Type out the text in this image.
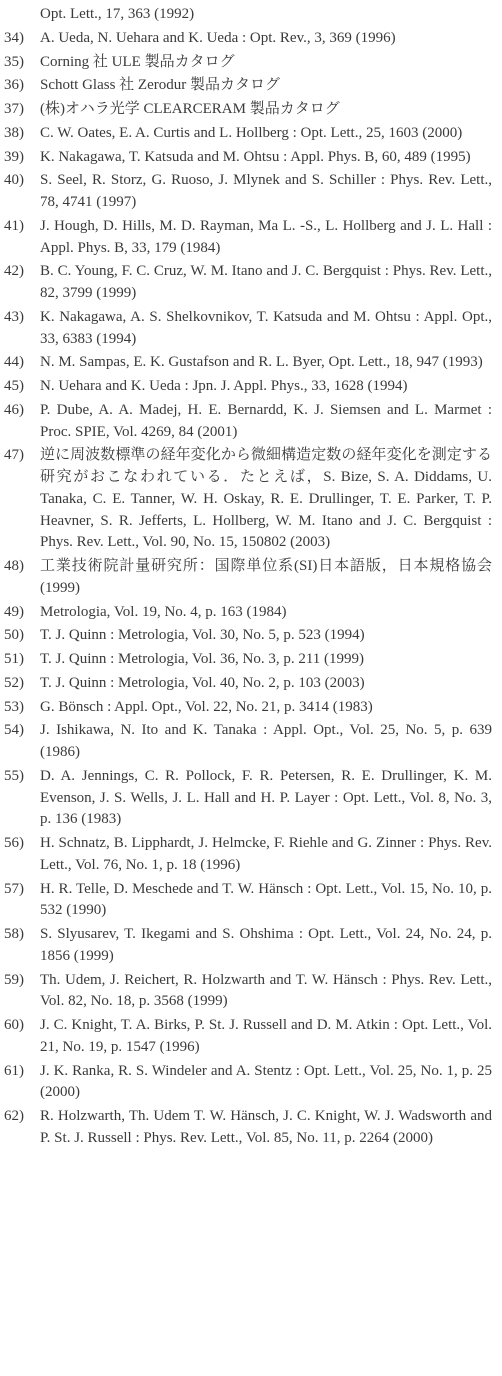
Opt. Lett., 17, 363 (1992)
34)	A. Ueda, N. Uehara and K. Ueda : Opt. Rev., 3, 369 (1996)
35)	Corning 社 ULE 製品カタログ
36)	Schott Glass 社 Zerodur 製品カタログ
37)	(株)オハラ光学 CLEARCERAM 製品カタログ
38)	C. W. Oates, E. A. Curtis and L. Hollberg : Opt. Lett., 25, 1603 (2000)
39)	K. Nakagawa, T. Katsuda and M. Ohtsu : Appl. Phys. B, 60, 489 (1995)
40)	S. Seel, R. Storz, G. Ruoso, J. Mlynek and S. Schiller : Phys. Rev. Lett., 78, 4741 (1997)
41)	J. Hough, D. Hills, M. D. Rayman, Ma L. -S., L. Hollberg and J. L. Hall : Appl. Phys. B, 33, 179 (1984)
42)	B. C. Young, F. C. Cruz, W. M. Itano and J. C. Bergquist : Phys. Rev. Lett., 82, 3799 (1999)
43)	K. Nakagawa, A. S. Shelkovnikov, T. Katsuda and M. Ohtsu : Appl. Opt., 33, 6383 (1994)
44)	N. M. Sampas, E. K. Gustafson and R. L. Byer, Opt. Lett., 18, 947 (1993)
45)	N. Uehara and K. Ueda : Jpn. J. Appl. Phys., 33, 1628 (1994)
46)	P. Dube, A. A. Madej, H. E. Bernardd, K. J. Siemsen and L. Marmet : Proc. SPIE, Vol. 4269, 84 (2001)
47)	逆に周波数標準の経年変化から微細構造定数の経年変化を測定する研究がおこなわれている．たとえば，S. Bize, S. A. Diddams, U. Tanaka, C. E. Tanner, W. H. Oskay, R. E. Drullinger, T. E. Parker, T. P. Heavner, S. R. Jefferts, L. Hollberg, W. M. Itano and J. C. Bergquist : Phys. Rev. Lett., Vol. 90, No. 15, 150802 (2003)
48)	工業技術院計量研究所：国際単位系(SI)日本語版，日本規格協会(1999)
49)	Metrologia, Vol. 19, No. 4, p. 163 (1984)
50)	T. J. Quinn : Metrologia, Vol. 30, No. 5, p. 523 (1994)
51)	T. J. Quinn : Metrologia, Vol. 36, No. 3, p. 211 (1999)
52)	T. J. Quinn : Metrologia, Vol. 40, No. 2, p. 103 (2003)
53)	G. Bönsch : Appl. Opt., Vol. 22, No. 21, p. 3414 (1983)
54)	J. Ishikawa, N. Ito and K. Tanaka : Appl. Opt., Vol. 25, No. 5, p. 639 (1986)
55)	D. A. Jennings, C. R. Pollock, F. R. Petersen, R. E. Drullinger, K. M. Evenson, J. S. Wells, J. L. Hall and H. P. Layer : Opt. Lett., Vol. 8, No. 3, p. 136 (1983)
56)	H. Schnatz, B. Lipphardt, J. Helmcke, F. Riehle and G. Zinner : Phys. Rev. Lett., Vol. 76, No. 1, p. 18 (1996)
57)	H. R. Telle, D. Meschede and T. W. Hänsch : Opt. Lett., Vol. 15, No. 10, p. 532 (1990)
58)	S. Slyusarev, T. Ikegami and S. Ohshima : Opt. Lett., Vol. 24, No. 24, p. 1856 (1999)
59)	Th. Udem, J. Reichert, R. Holzwarth and T. W. Hänsch : Phys. Rev. Lett., Vol. 82, No. 18, p. 3568 (1999)
60)	J. C. Knight, T. A. Birks, P. St. J. Russell and D. M. Atkin : Opt. Lett., Vol. 21, No. 19, p. 1547 (1996)
61)	J. K. Ranka, R. S. Windeler and A. Stentz : Opt. Lett., Vol. 25, No. 1, p. 25 (2000)
62)	R. Holzwarth, Th. Udem T. W. Hänsch, J. C. Knight, W. J. Wadsworth and P. St. J. Russell : Phys. Rev. Lett., Vol. 85, No. 11, p. 2264 (2000)
